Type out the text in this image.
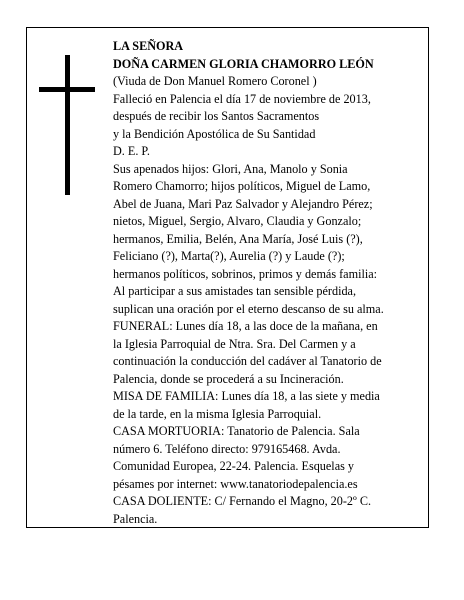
LA SEÑORA
DOÑA CARMEN GLORIA CHAMORRO LEÓN
(Viuda de Don Manuel Romero Coronel )
Falleció en Palencia el día 17 de noviembre de 2013,
después de recibir los Santos Sacramentos
y la Bendición Apostólica de Su Santidad
D. E. P.
Sus apenados hijos: Glori, Ana, Manolo y Sonia
Romero Chamorro; hijos políticos, Miguel de Lamo,
Abel de Juana, Mari Paz Salvador y Alejandro Pérez;
nietos, Miguel, Sergio, Alvaro, Claudia y Gonzalo;
hermanos, Emilia, Belén, Ana María, José Luis (?),
Feliciano (?), Marta(?), Aurelia (?) y Laude (?);
hermanos políticos, sobrinos, primos y demás familia:
Al participar a sus amistades tan sensible pérdida,
suplican una oración por el eterno descanso de su alma.
FUNERAL: Lunes día 18, a las doce de la mañana, en
la Iglesia Parroquial de Ntra. Sra. Del Carmen y a
continuación la conducción del cadáver al Tanatorio de
Palencia, donde se procederá a su Incineración.
MISA DE FAMILIA: Lunes día 18, a las siete y media
de la tarde, en la misma Iglesia Parroquial.
CASA MORTUORIA: Tanatorio de Palencia. Sala
número 6. Teléfono directo: 979165468. Avda.
Comunidad Europea, 22-24. Palencia. Esquelas y
pésames por internet: www.tanatoriodepalencia.es
CASA DOLIENTE: C/ Fernando el Magno, 20-2º C.
Palencia.
